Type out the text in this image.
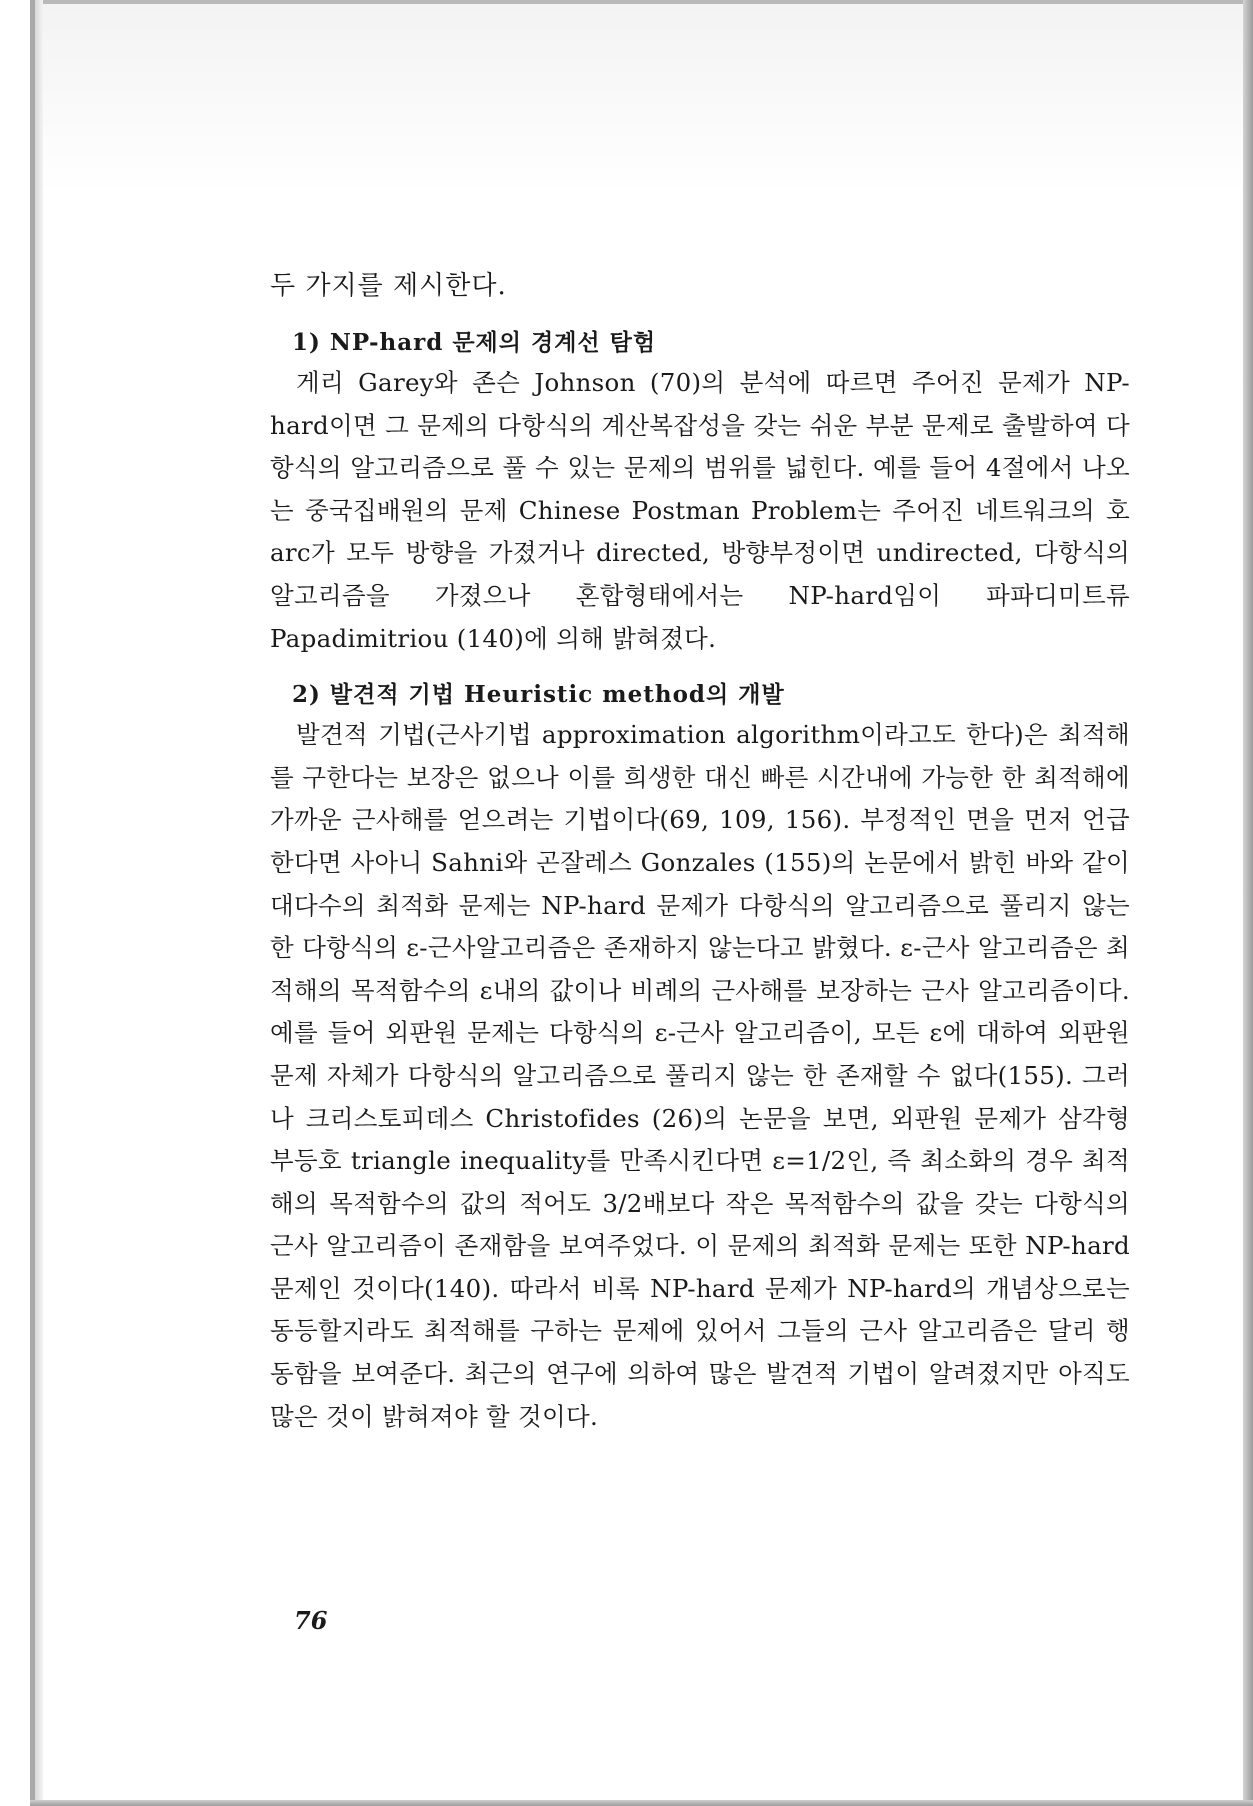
두 가지를 제시한다.

1) NP-hard 문제의 경계선 탐험

게리 Garey와 존슨 Johnson (70)의 분석에 따르면 주어진 문제가 NP-hard이면 그 문제의 다항식의 계산복잡성을 갖는 쉬운 부분 문제로 출발하여 다항식의 알고리즘으로 풀 수 있는 문제의 범위를 넓힌다. 예를 들어 4절에서 나오는 중국집배원의 문제 Chinese Postman Problem는 주어진 네트워크의 호 arc가 모두 방향을 가졌거나 directed, 방향부정이면 undirected, 다항식의 알고리즘을 가졌으나 혼합형태에서는 NP-hard임이 파파디미트류 Papadimitriou (140)에 의해 밝혀졌다.

2) 발견적 기법 Heuristic method의 개발

발견적 기법(근사기법 approximation algorithm이라고도 한다)은 최적해를 구한다는 보장은 없으나 이를 희생한 대신 빠른 시간내에 가능한 한 최적해에 가까운 근사해를 얻으려는 기법이다(69, 109, 156). 부정적인 면을 먼저 언급한다면 사아니 Sahni와 곤잘레스 Gonzales (155)의 논문에서 밝힌 바와 같이 대다수의 최적화 문제는 NP-hard 문제가 다항식의 알고리즘으로 풀리지 않는 한 다항식의 ε-근사알고리즘은 존재하지 않는다고 밝혔다. ε-근사 알고리즘은 최적해의 목적함수의 ε내의 값이나 비례의 근사해를 보장하는 근사 알고리즘이다. 예를 들어 외판원 문제는 다항식의 ε-근사 알고리즘이, 모든 ε에 대하여 외판원 문제 자체가 다항식의 알고리즘으로 풀리지 않는 한 존재할 수 없다(155). 그러나 크리스토피데스 Christofides (26)의 논문을 보면, 외판원 문제가 삼각형 부등호 triangle inequality를 만족시킨다면 ε=1/2인, 즉 최소화의 경우 최적해의 목적함수의 값의 적어도 3/2배보다 작은 목적함수의 값을 갖는 다항식의 근사 알고리즘이 존재함을 보여주었다. 이 문제의 최적화 문제는 또한 NP-hard 문제인 것이다(140). 따라서 비록 NP-hard 문제가 NP-hard의 개념상으로는 동등할지라도 최적해를 구하는 문제에 있어서 그들의 근사 알고리즘은 달리 행동함을 보여준다. 최근의 연구에 의하여 많은 발견적 기법이 알려졌지만 아직도 많은 것이 밝혀져야 할 것이다.

76
